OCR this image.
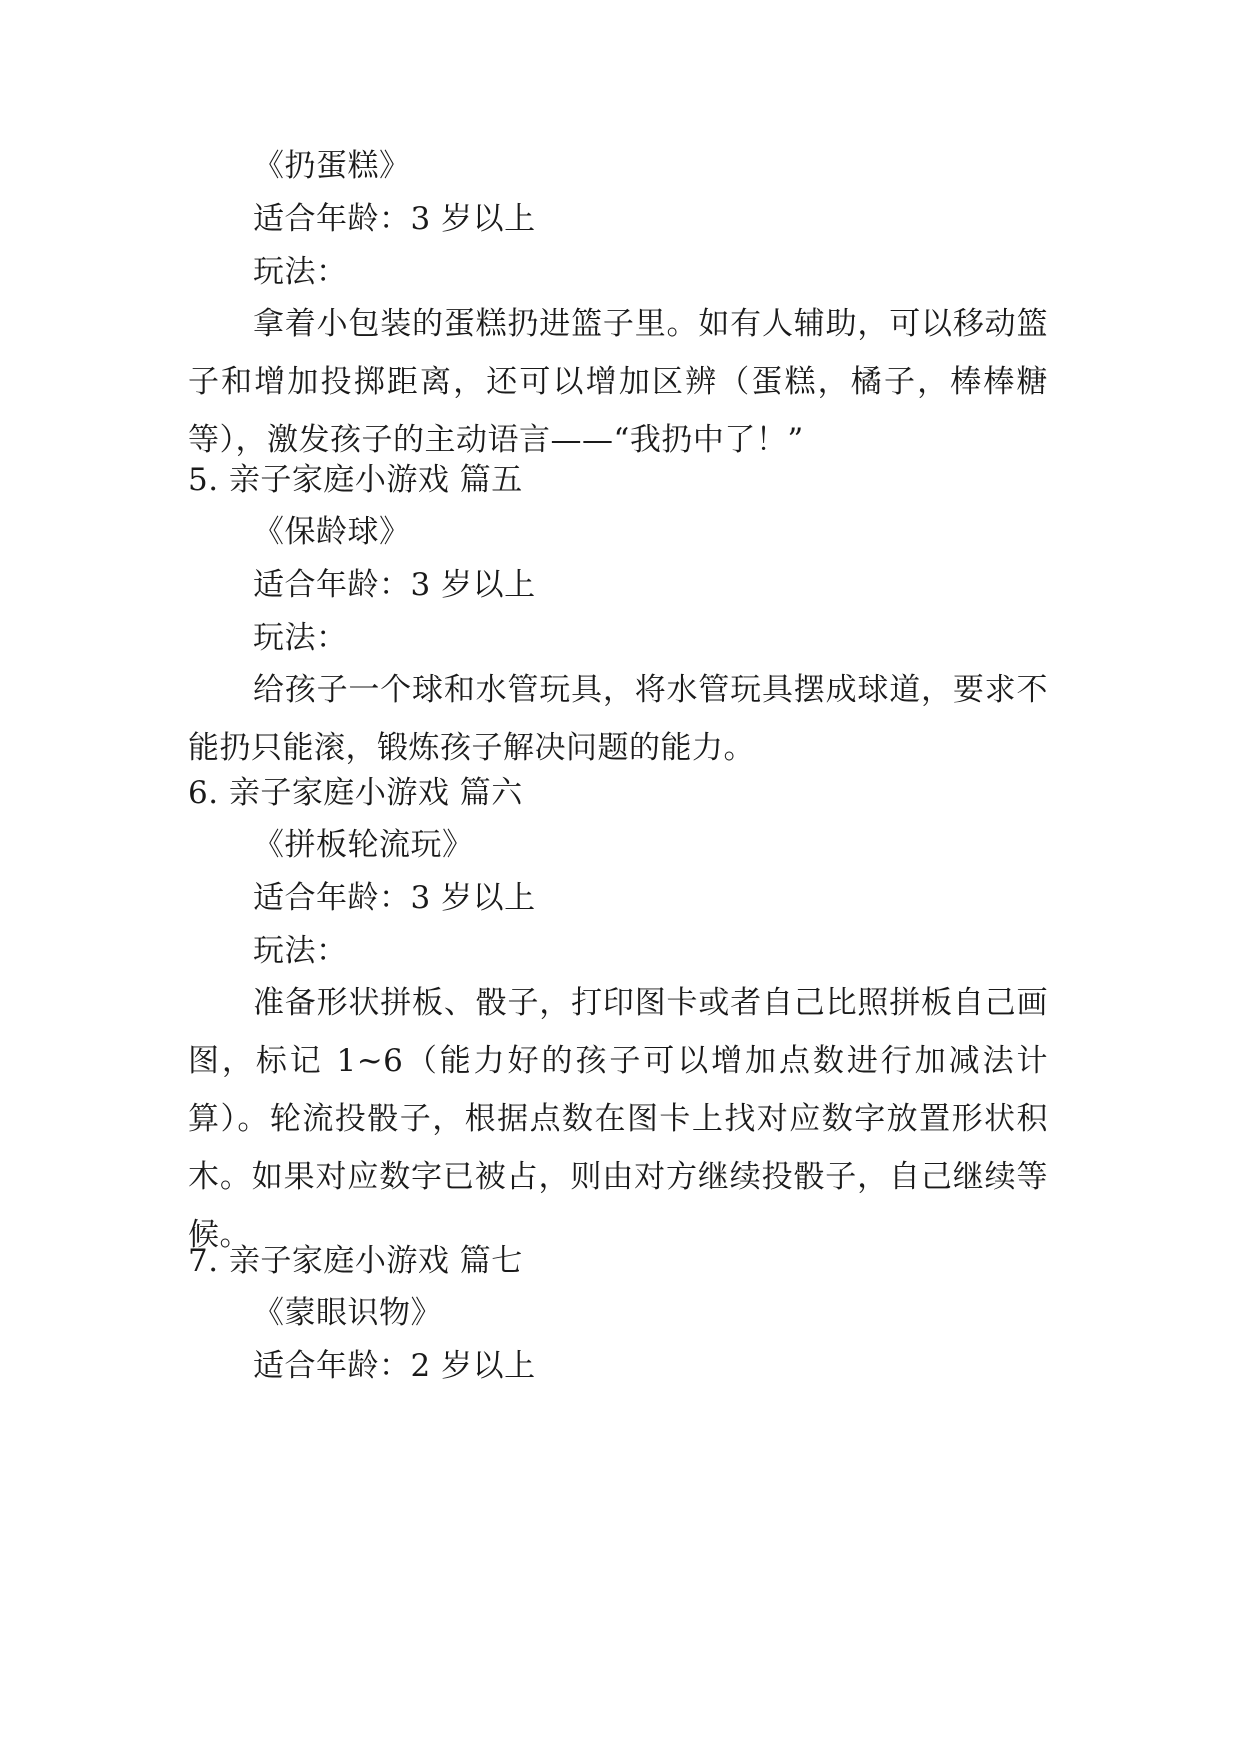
《扔蛋糕》
适合年龄：3 岁以上
玩法：

拿着小包装的蛋糕扔进篮子里。如有人辅助，可以移动篮子和增加投掷距离，还可以增加区辨（蛋糕，橘子，棒棒糖等），激发孩子的主动语言——“我扔中了！”

5. 亲子家庭小游戏 篇五
《保龄球》
适合年龄：3 岁以上
玩法：

给孩子一个球和水管玩具，将水管玩具摆成球道，要求不能扔只能滚，锻炼孩子解决问题的能力。

6. 亲子家庭小游戏 篇六
《拼板轮流玩》
适合年龄：3 岁以上
玩法：

准备形状拼板、骰子，打印图卡或者自己比照拼板自己画图，标记 1~6（能力好的孩子可以增加点数进行加减法计算）。轮流投骰子，根据点数在图卡上找对应数字放置形状积木。如果对应数字已被占，则由对方继续投骰子，自己继续等候。

7. 亲子家庭小游戏 篇七
《蒙眼识物》
适合年龄：2 岁以上
